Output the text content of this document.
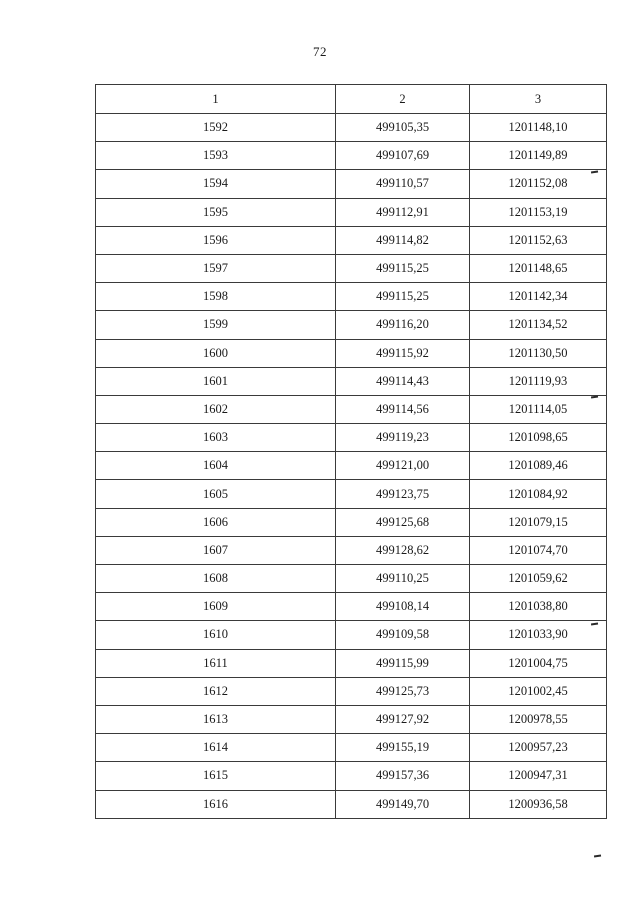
72
1	2	3
1592	499105,35	1201148,10
1593	499107,69	1201149,89
1594	499110,57	1201152,08
1595	499112,91	1201153,19
1596	499114,82	1201152,63
1597	499115,25	1201148,65
1598	499115,25	1201142,34
1599	499116,20	1201134,52
1600	499115,92	1201130,50
1601	499114,43	1201119,93
1602	499114,56	1201114,05
1603	499119,23	1201098,65
1604	499121,00	1201089,46
1605	499123,75	1201084,92
1606	499125,68	1201079,15
1607	499128,62	1201074,70
1608	499110,25	1201059,62
1609	499108,14	1201038,80
1610	499109,58	1201033,90
1611	499115,99	1201004,75
1612	499125,73	1201002,45
1613	499127,92	1200978,55
1614	499155,19	1200957,23
1615	499157,36	1200947,31
1616	499149,70	1200936,58
